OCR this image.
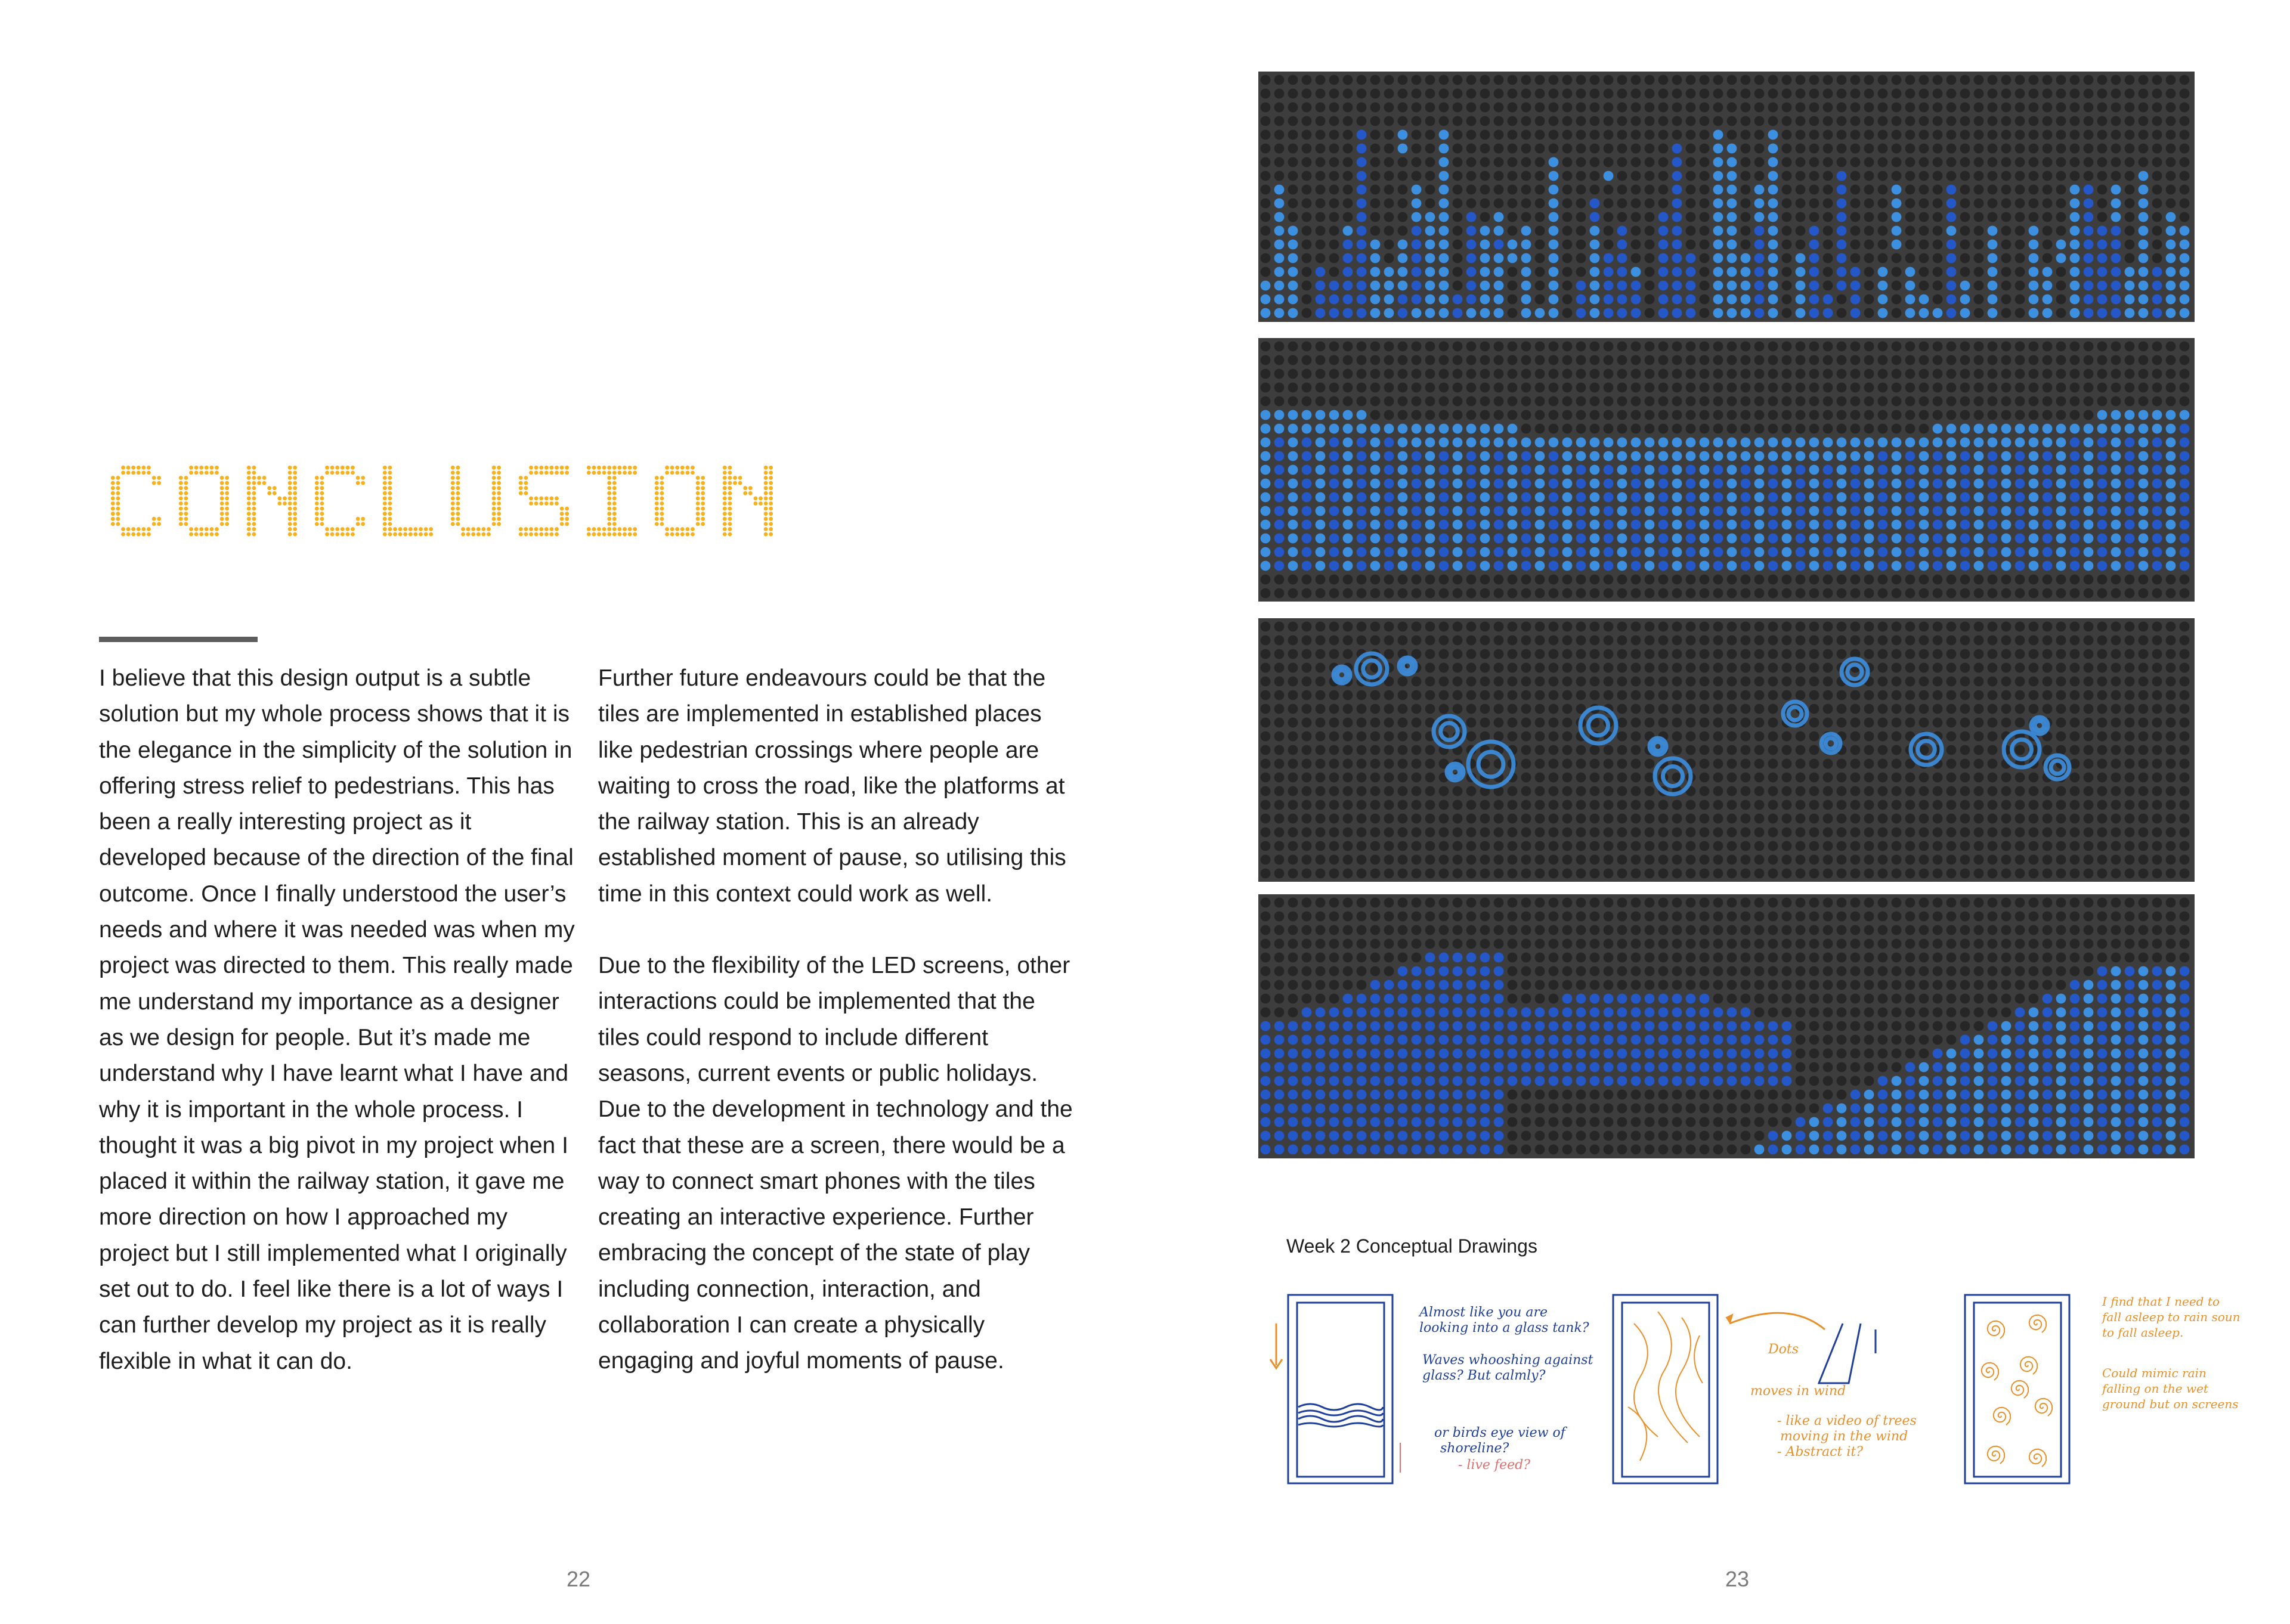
I believe that this design output is a subtle solution but my whole process shows that it is the elegance in the simplicity of the solution in offering stress relief to pedestrians. This has been a really interesting project as it developed because of the direction of the final outcome. Once I finally understood the user’s needs and where it was needed was when my project was directed to them. This really made me understand my importance as a designer as we design for people. But it’s made me understand why I have learnt what I have and why it is important in the whole process. I thought it was a big pivot in my project when I placed it within the railway station, it gave me more direction on how I approached my project but I still implemented what I originally set out to do. I feel like there is a lot of ways I can further develop my project as it is really flexible in what it can do.

Further future endeavours could be that the tiles are implemented in established places like pedestrian crossings where people are waiting to cross the road, like the platforms at the railway station. This is an already established moment of pause, so utilising this time in this context could work as well.

Due to the flexibility of the LED screens, other interactions could be implemented that the tiles could respond to include different seasons, current events or public holidays. Due to the development in technology and the fact that these are a screen, there would be a way to connect smart phones with the tiles creating an interactive experience. Further embracing the concept of the state of play including connection, interaction, and collaboration I can create a physically engaging and joyful moments of pause.

22
Week 2 Conceptual Drawings
Almost like you are
looking into a glass tank?
Waves whooshing against
glass? But calmly?
or birds eye view of
shoreline?
- live feed?
Dots
moves in wind
- like a video of trees
moving in the wind
- Abstract it?
I find that I need to
fall asleep to rain sounds
to fall asleep.
Could mimic rain
falling on the wet
ground but on screens
23
